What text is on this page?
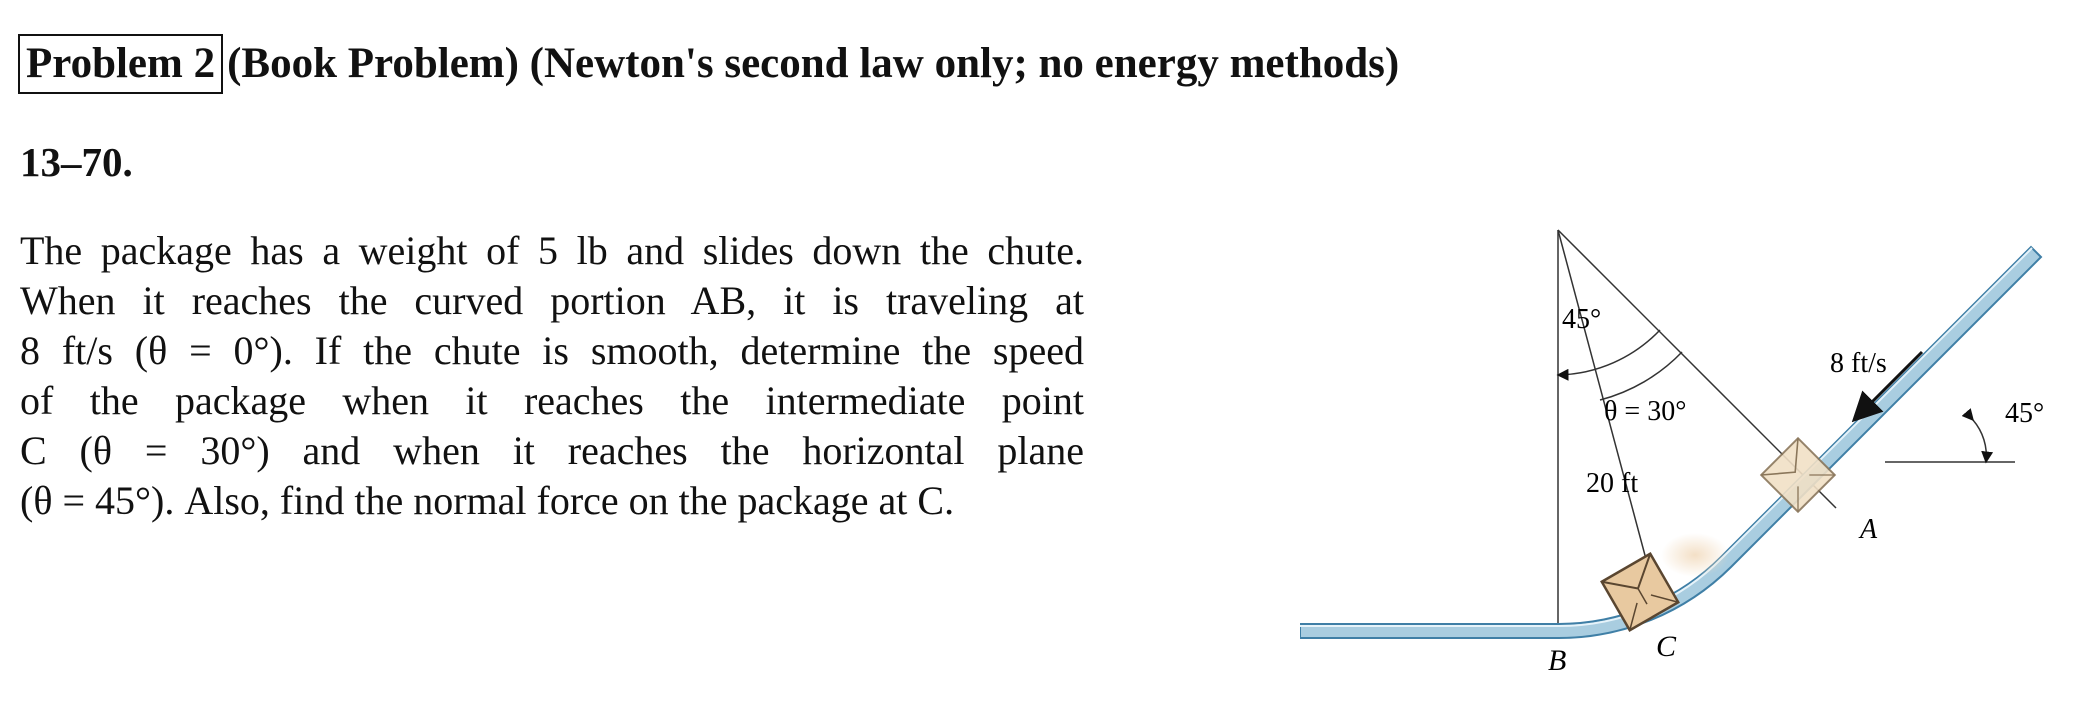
Problem 2 (Book Problem) (Newton's second law only; no energy methods)
13–70.
The package has a weight of 5 lb and slides down the chute.
When it reaches the curved portion AB, it is traveling at
8 ft/s (θ = 0°). If the chute is smooth, determine the speed
of the package when it reaches the intermediate point
C (θ = 30°) and when it reaches the horizontal plane
(θ = 45°). Also, find the normal force on the package at C.
45°
θ = 30°
20 ft
8 ft/s
45°
A
B	C
